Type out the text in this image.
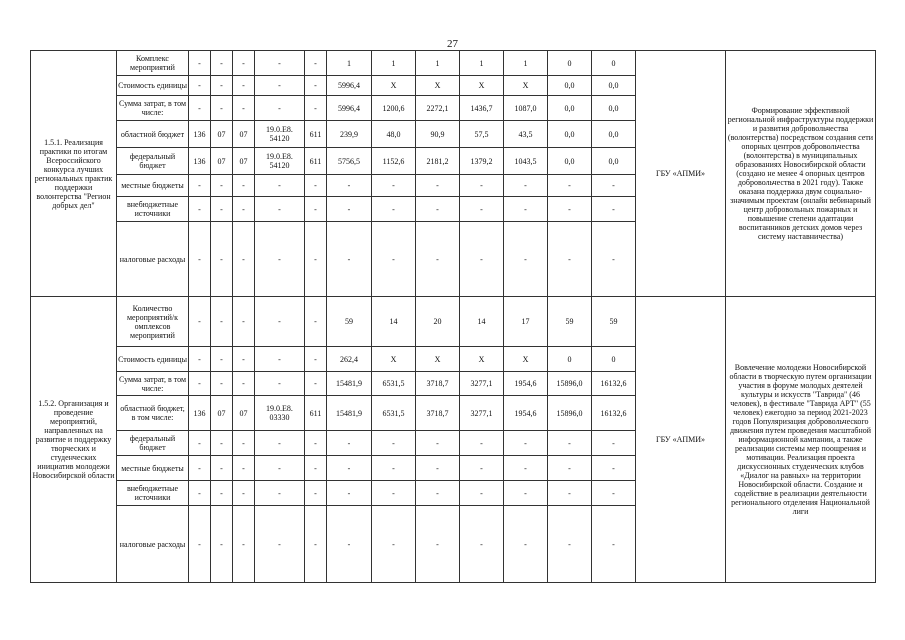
27
1.5.1. Реализация практики по итогам Всероссийского конкурса лучших региональных практик поддержки волонтерства "Регион добрых дел"	Комплекс мероприятий	-	-	-	-	-	1	1	1	1	1	0	0	ГБУ «АПМИ»	Формирование эффективной региональной инфраструктуры поддержки и развития добровольчества (волонтерства) посредством создания сети опорных центров добровольчества (волонтерства) в муниципальных образованиях Новосибирской области (создано не менее 4 опорных центров добровольчества в 2021 году). Также оказана поддержка двум социально-значимым проектам (онлайн вебинарный центр добровольных пожарных и повышение степени адаптации воспитанников детских домов через систему наставничества)
	Стоимость единицы	-	-	-	-	-	5996,4	X	X	X	X	0,0	0,0		
	Сумма затрат, в том числе:	-	-	-	-	-	5996,4	1200,6	2272,1	1436,7	1087,0	0,0	0,0		
	областной бюджет	136	07	07	19.0.E8. 54120	611	239,9	48,0	90,9	57,5	43,5	0,0	0,0		
	федеральный бюджет	136	07	07	19.0.E8. 54120	611	5756,5	1152,6	2181,2	1379,2	1043,5	0,0	0,0		
	местные бюджеты	-	-	-	-	-	-	-	-	-	-	-	-		
	внебюджетные источники	-	-	-	-	-	-	-	-	-	-	-	-		
	налоговые расходы	-	-	-	-	-	-	-	-	-	-	-	-		
1.5.2. Организация и проведение мероприятий, направленных на развитие и поддержку творческих и студенческих инициатив молодежи Новосибирской области	Количество мероприятий/к омплексов мероприятий	-	-	-	-	-	59	14	20	14	17	59	59	ГБУ «АПМИ»	Вовлечение молодежи Новосибирской области в творческую путем организации участия в форуме молодых деятелей культуры и искусств "Таврида" (46 человек), в фестивале "Таврида АРТ" (55 человек) ежегодно за период 2021-2023 годов Популяризация добровольческого движения путем проведения масштабной информационной кампании, а также реализации системы мер поощрения и мотивации. Реализация проекта дискуссионных студенческих клубов «Диалог на равных» на территории Новосибирской области. Создание и содействие в реализации деятельности регионального отделения Национальной лиги
	Стоимость единицы	-	-	-	-	-	262,4	X	X	X	X	0	0		
	Сумма затрат, в том числе:	-	-	-	-	-	15481,9	6531,5	3718,7	3277,1	1954,6	15896,0	16132,6		
	областной бюджет, в том числе:	136	07	07	19.0.E8. 03330	611	15481,9	6531,5	3718,7	3277,1	1954,6	15896,0	16132,6		
	федеральный бюджет	-	-	-	-	-	-	-	-	-	-	-	-		
	местные бюджеты	-	-	-	-	-	-	-	-	-	-	-	-		
	внебюджетные источники	-	-	-	-	-	-	-	-	-	-	-	-		
	налоговые расходы	-	-	-	-	-	-	-	-	-	-	-	-		
